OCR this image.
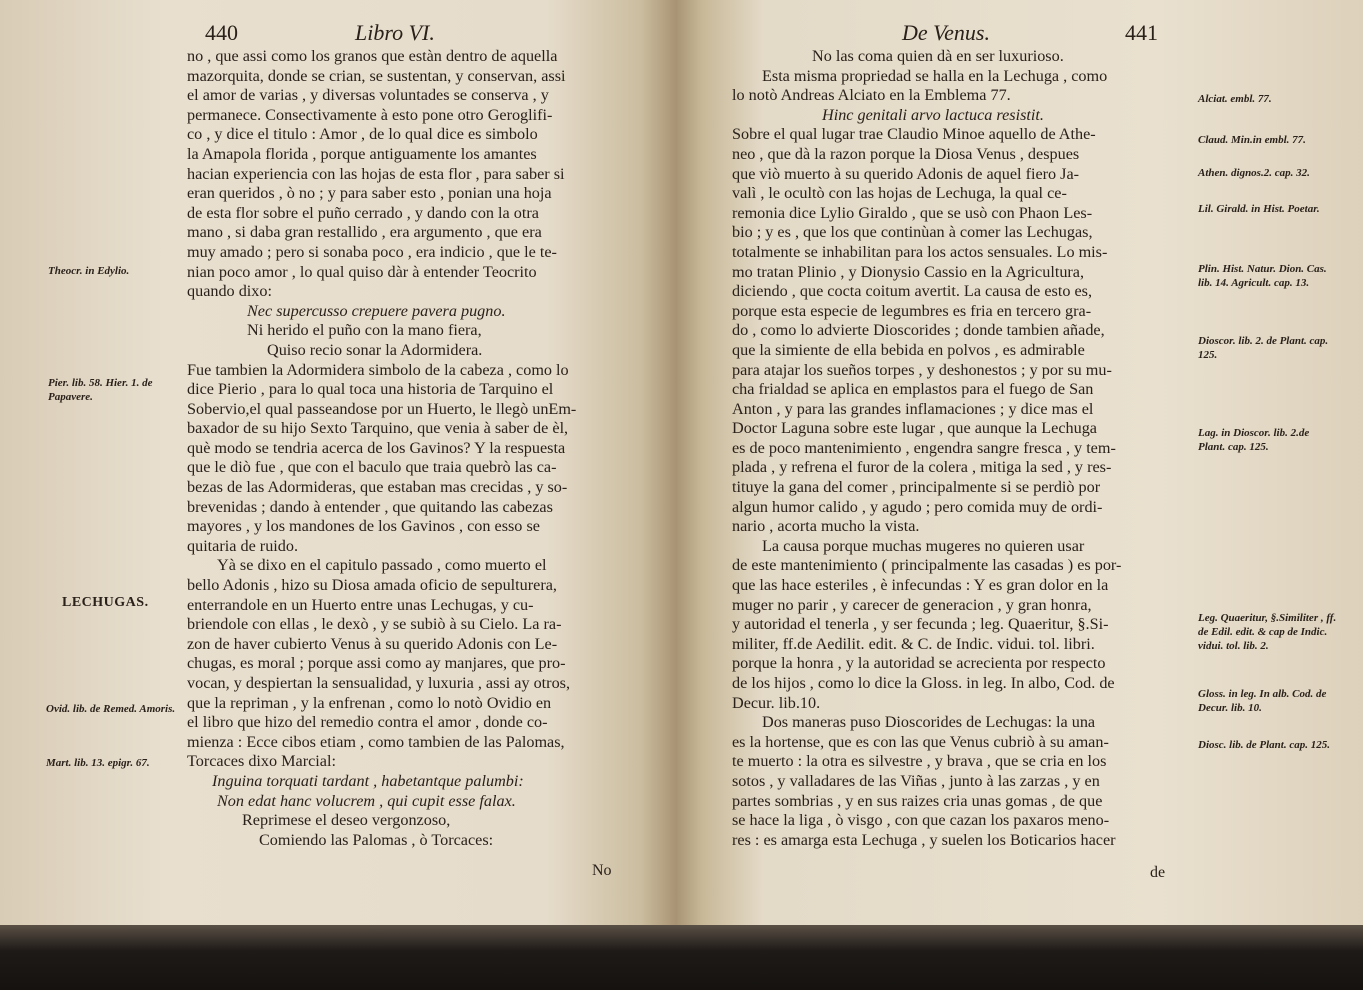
440	Libro VI.
Theocr. in Edylio.
Pier. lib. 58. Hier. 1. de Papavere.
LECHUGAS.
Ovid. lib. de Remed. Amoris.
Mart. lib. 13. epigr. 67.
no , que assi como los granos que estàn dentro de aquella
mazorquita, donde se crian, se sustentan, y conservan, assi
el amor de varias , y diversas voluntades se conserva , y
permanece. Consectivamente à esto pone otro Geroglifi-
co , y dice el titulo : Amor , de lo qual dice es simbolo
la Amapola florida , porque antiguamente los amantes
hacian experiencia con las hojas de esta flor , para saber si
eran queridos , ò no ; y para saber esto , ponian una hoja
de esta flor sobre el puño cerrado , y dando con la otra
mano , si daba gran restallido , era argumento , que era
muy amado ; pero si sonaba poco , era indicio , que le te-
nian poco amor , lo qual quiso dàr à entender Teocrito
quando dixo:
Nec supercusso crepuere pavera pugno.
Ni herido el puño con la mano fiera,
Quiso recio sonar la Adormidera.
Fue tambien la Adormidera simbolo de la cabeza , como lo
dice Pierio , para lo qual toca una historia de Tarquino el
Sobervio,el qual passeandose por un Huerto, le llegò unEm-
baxador de su hijo Sexto Tarquino, que venia à saber de èl,
què modo se tendria acerca de los Gavinos? Y la respuesta
que le diò fue , que con el baculo que traia quebrò las ca-
bezas de las Adormideras, que estaban mas crecidas , y so-
brevenidas ; dando à entender , que quitando las cabezas
mayores , y los mandones de los Gavinos , con esso se
quitaria de ruido.
Yà se dixo en el capitulo passado , como muerto el
bello Adonis , hizo su Diosa amada oficio de sepulturera,
enterrandole en un Huerto entre unas Lechugas, y cu-
briendole con ellas , le dexò , y se subiò à su Cielo. La ra-
zon de haver cubierto Venus à su querido Adonis con Le-
chugas, es moral ; porque assi como ay manjares, que pro-
vocan, y despiertan la sensualidad, y luxuria , assi ay otros,
que la repriman , y la enfrenan , como lo notò Ovidio en
el libro que hizo del remedio contra el amor , donde co-
mienza : Ecce cibos etiam , como tambien de las Palomas,
Torcaces dixo Marcial:
Inguina torquati tardant , habetantque palumbi:
Non edat hanc volucrem , qui cupit esse falax.
Reprimese el deseo vergonzoso,
Comiendo las Palomas , ò Torcaces:
No
De Venus.	441
No las coma quien dà en ser luxurioso.
Esta misma propriedad se halla en la Lechuga , como
lo notò Andreas Alciato en la Emblema 77.
Hinc genitali arvo lactuca resistit.
Sobre el qual lugar trae Claudio Minoe aquello de Athe-
neo , que dà la razon porque la Diosa Venus , despues
que viò muerto à su querido Adonis de aquel fiero Ja-
valì , le ocultò con las hojas de Lechuga, la qual ce-
remonia dice Lylio Giraldo , que se usò con Phaon Les-
bio ; y es , que los que continùan à comer las Lechugas,
totalmente se inhabilitan para los actos sensuales. Lo mis-
mo tratan Plinio , y Dionysio Cassio en la Agricultura,
diciendo , que cocta coitum avertit. La causa de esto es,
porque esta especie de legumbres es fria en tercero gra-
do , como lo advierte Dioscorides ; donde tambien añade,
que la simiente de ella bebida en polvos , es admirable
para atajar los sueños torpes , y deshonestos ; y por su mu-
cha frialdad se aplica en emplastos para el fuego de San
Anton , y para las grandes inflamaciones ; y dice mas el
Doctor Laguna sobre este lugar , que aunque la Lechuga
es de poco mantenimiento , engendra sangre fresca , y tem-
plada , y refrena el furor de la colera , mitiga la sed , y res-
tituye la gana del comer , principalmente si se perdiò por
algun humor calido , y agudo ; pero comida muy de ordi-
nario , acorta mucho la vista.
La causa porque muchas mugeres no quieren usar
de este mantenimiento ( principalmente las casadas ) es por-
que las hace esteriles , è infecundas : Y es gran dolor en la
muger no parir , y carecer de generacion , y gran honra,
y autoridad el tenerla , y ser fecunda ; leg. Quaeritur, §.Si-
militer, ff.de Aedilit. edit. & C. de Indic. vidui. tol. libri.
porque la honra , y la autoridad se acrecienta por respecto
de los hijos , como lo dice la Gloss. in leg. In albo, Cod. de
Decur. lib.10.
Dos maneras puso Dioscorides de Lechugas: la una
es la hortense, que es con las que Venus cubriò à su aman-
te muerto : la otra es silvestre , y brava , que se cria en los
sotos , y valladares de las Viñas , junto à las zarzas , y en
partes sombrias , y en sus raizes cria unas gomas , de que
se hace la liga , ò visgo , con que cazan los paxaros meno-
res : es amarga esta Lechuga , y suelen los Boticarios hacer
de
Alciat. embl. 77.
Claud. Min.in embl. 77.
Athen. dignos.2. cap. 32.
Lil. Girald. in Hist. Poetar.
Plin. Hist. Natur. Dion. Cas. lib. 14. Agricult. cap. 13.
Dioscor. lib. 2. de Plant. cap. 125.
Lag. in Dioscor. lib. 2.de Plant. cap. 125.
Leg. Quaeritur, §.Similiter , ff. de Edil. edit. & cap de Indic. vidui. tol. lib. 2.
Gloss. in leg. In alb. Cod. de Decur. lib. 10.
Diosc. lib. de Plant. cap. 125.
